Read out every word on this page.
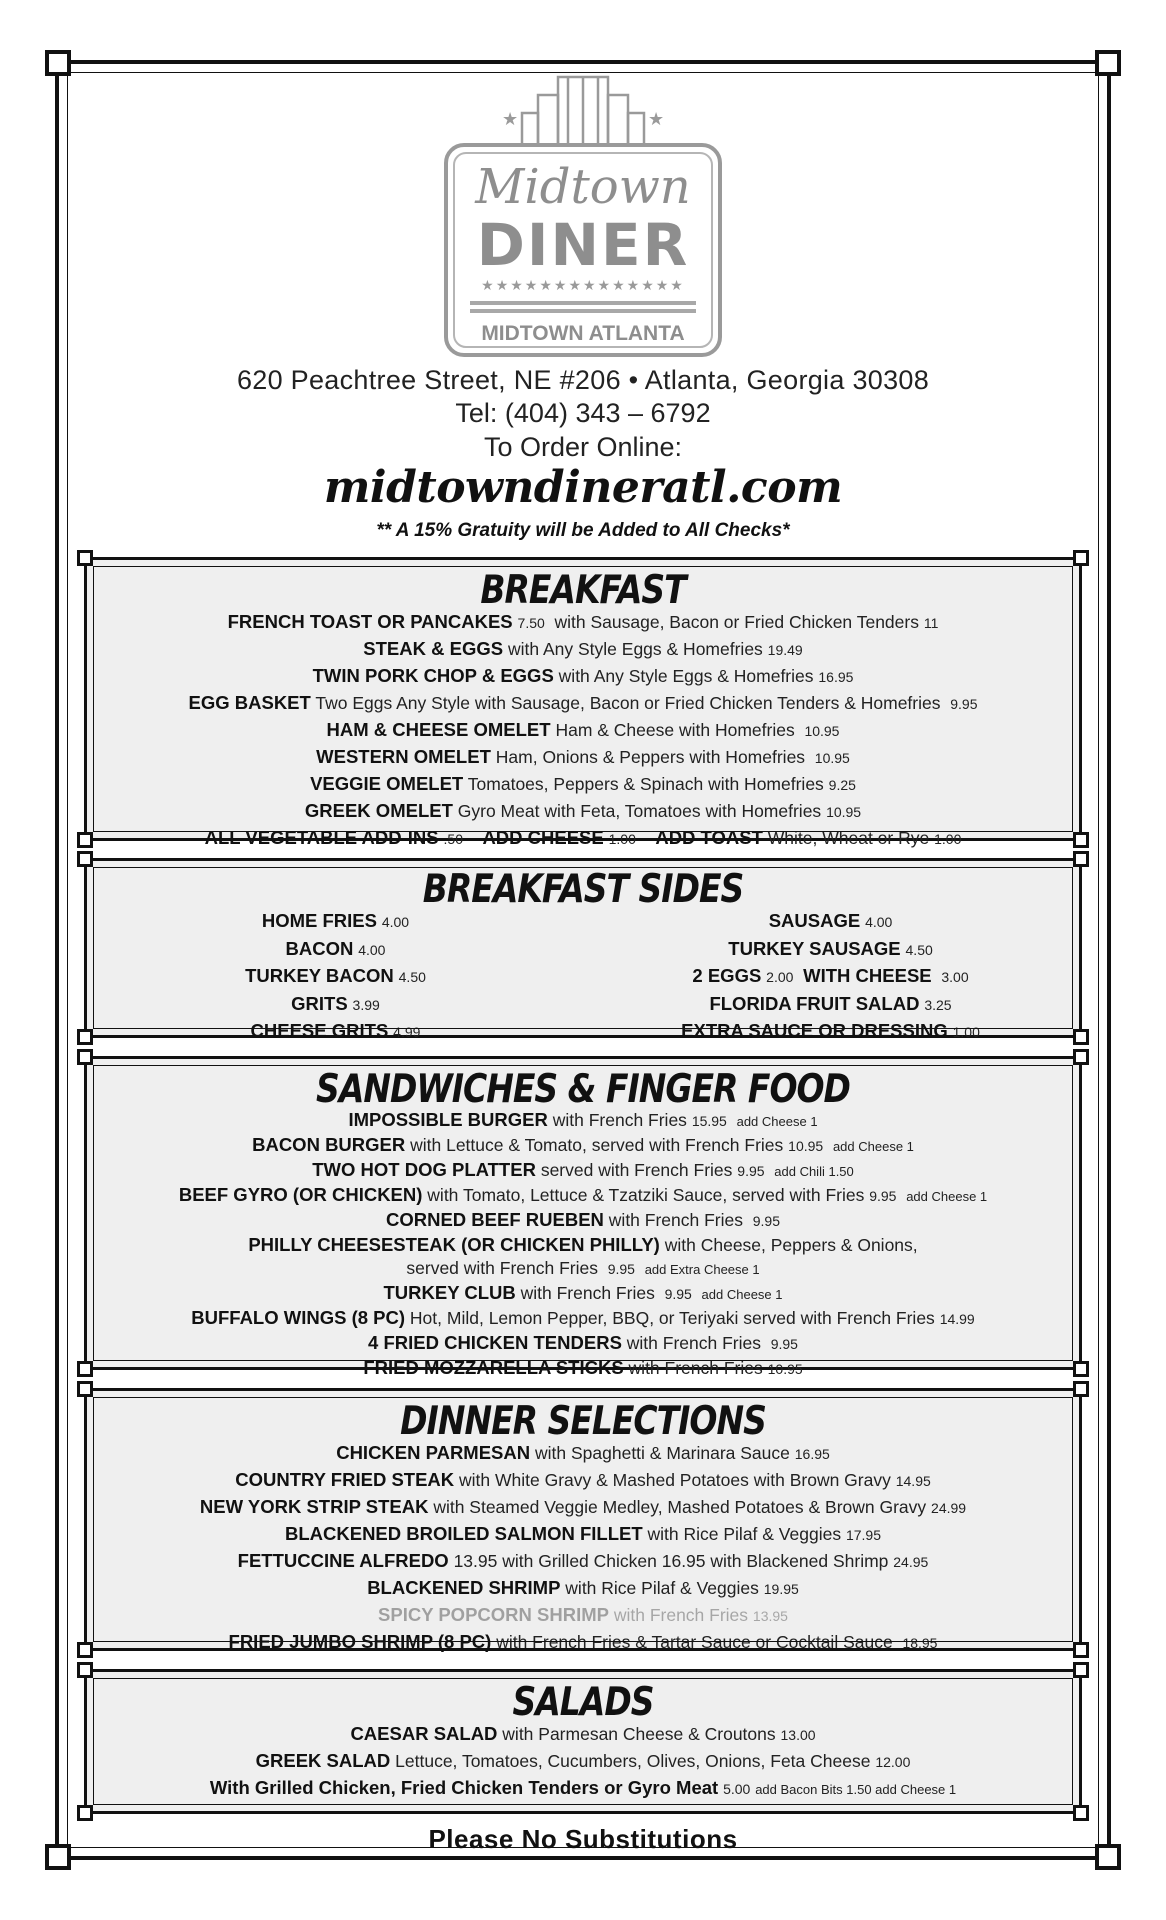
★	★
Midtown
DINER
★★★★★★★★★★★★★★
MIDTOWN ATLANTA
620 Peachtree Street, NE #206 • Atlanta, Georgia 30308
Tel: (404) 343 – 6792
To Order Online:
midtowndineratl.com
** A 15% Gratuity will be Added to All Checks*
BREAKFAST
FRENCH TOAST OR PANCAKES 7.50 with Sausage, Bacon or Fried Chicken Tenders 11
STEAK & EGGS with Any Style Eggs & Homefries 19.49
TWIN PORK CHOP & EGGS with Any Style Eggs & Homefries 16.95
EGG BASKET Two Eggs Any Style with Sausage, Bacon or Fried Chicken Tenders & Homefries 9.95
HAM & CHEESE OMELET Ham & Cheese with Homefries 10.95
WESTERN OMELET Ham, Onions & Peppers with Homefries 10.95
VEGGIE OMELET Tomatoes, Peppers & Spinach with Homefries 9.25
GREEK OMELET Gyro Meat with Feta, Tomatoes with Homefries 10.95
ALL VEGETABLE ADD-INS .50 ADD CHEESE 1.00 ADD TOAST White, Wheat or Rye 1.00
BREAKFAST SIDES
HOME FRIES 4.00
BACON 4.00
TURKEY BACON 4.50
GRITS 3.99
CHEESE GRITS 4.99
SAUSAGE 4.00
TURKEY SAUSAGE 4.50
2 EGGS 2.00 WITH CHEESE 3.00
FLORIDA FRUIT SALAD 3.25
EXTRA SAUCE OR DRESSING 1.00
SANDWICHES & FINGER FOOD
IMPOSSIBLE BURGER with French Fries 15.95 add Cheese 1
BACON BURGER with Lettuce & Tomato, served with French Fries 10.95 add Cheese 1
TWO HOT DOG PLATTER served with French Fries 9.95 add Chili 1.50
BEEF GYRO (OR CHICKEN) with Tomato, Lettuce & Tzatziki Sauce, served with Fries 9.95 add Cheese 1
CORNED BEEF RUEBEN with French Fries 9.95
PHILLY CHEESESTEAK (OR CHICKEN PHILLY) with Cheese, Peppers & Onions,
served with French Fries 9.95 add Extra Cheese 1
TURKEY CLUB with French Fries 9.95 add Cheese 1
BUFFALO WINGS (8 PC) Hot, Mild, Lemon Pepper, BBQ, or Teriyaki served with French Fries 14.99
4 FRIED CHICKEN TENDERS with French Fries 9.95
FRIED MOZZARELLA STICKS with French Fries 10.95
DINNER SELECTIONS
CHICKEN PARMESAN with Spaghetti & Marinara Sauce 16.95
COUNTRY FRIED STEAK with White Gravy & Mashed Potatoes with Brown Gravy 14.95
NEW YORK STRIP STEAK with Steamed Veggie Medley, Mashed Potatoes & Brown Gravy 24.99
BLACKENED BROILED SALMON FILLET with Rice Pilaf & Veggies 17.95
FETTUCCINE ALFREDO 13.95 with Grilled Chicken 16.95 with Blackened Shrimp 24.95
BLACKENED SHRIMP with Rice Pilaf & Veggies 19.95
SPICY POPCORN SHRIMP with French Fries 13.95
FRIED JUMBO SHRIMP (8 PC) with French Fries & Tartar Sauce or Cocktail Sauce 18.95
SALADS
CAESAR SALAD with Parmesan Cheese & Croutons 13.00
GREEK SALAD Lettuce, Tomatoes, Cucumbers, Olives, Onions, Feta Cheese 12.00
With Grilled Chicken, Fried Chicken Tenders or Gyro Meat 5.00 add Bacon Bits 1.50 add Cheese 1
Please No Substitutions
